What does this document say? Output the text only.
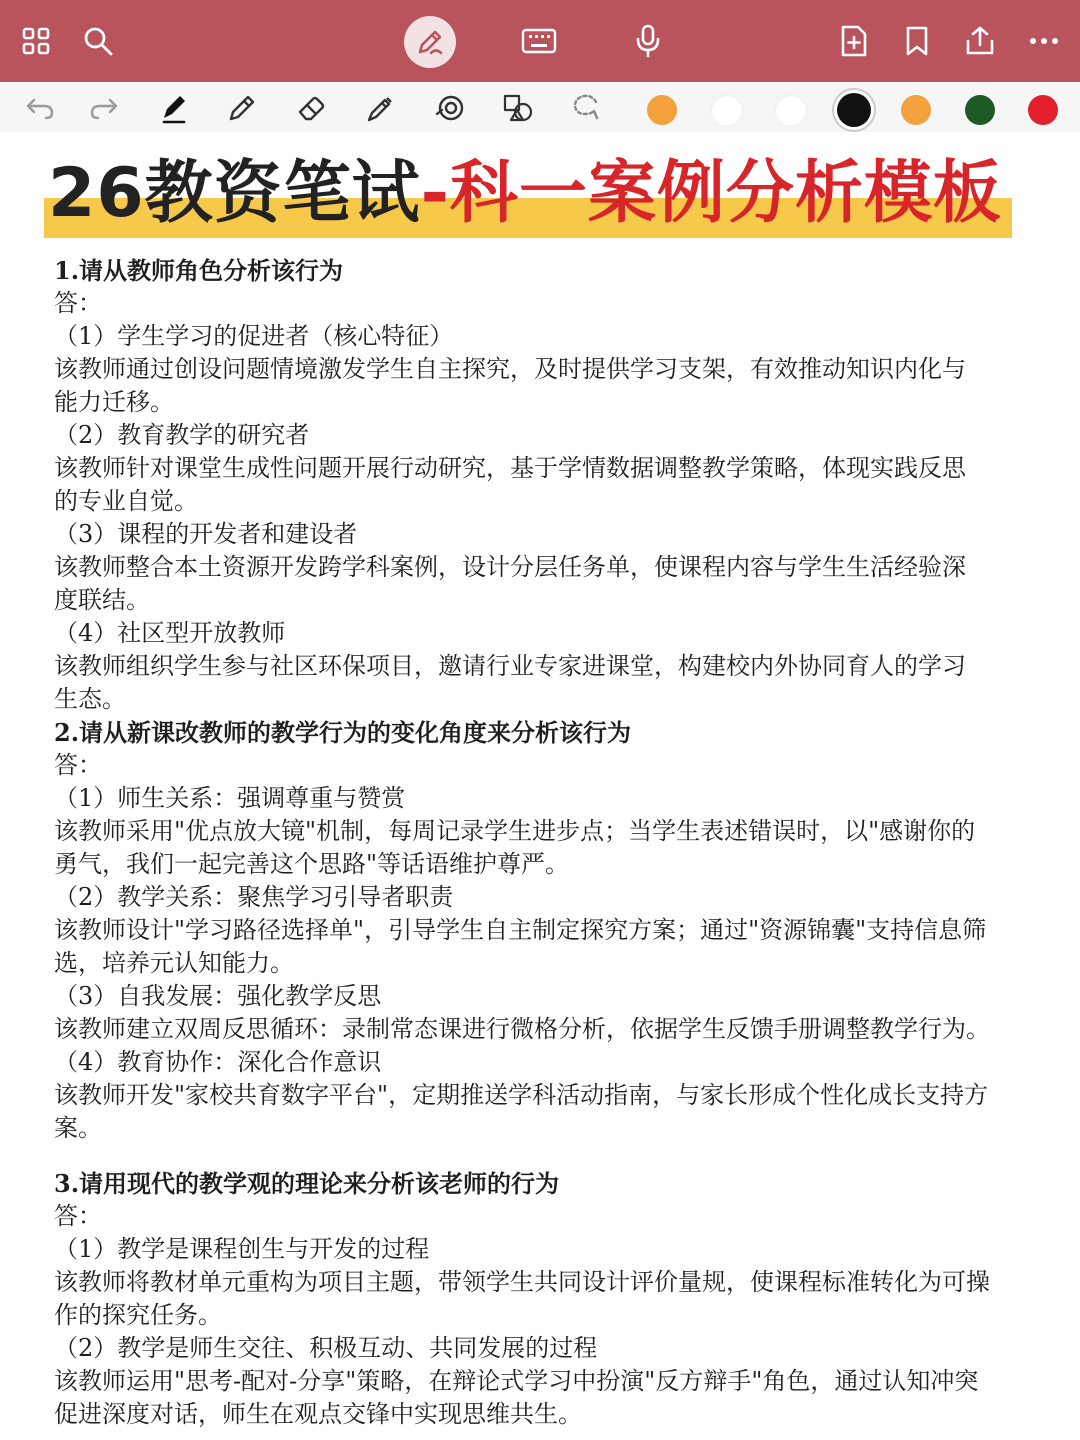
26教资笔试-科一案例分析模板
1.请从教师角色分析该行为
答：
（1）学生学习的促进者（核心特征）
该教师通过创设问题情境激发学生自主探究，及时提供学习支架，有效推动知识内化与
能力迁移。
（2）教育教学的研究者
该教师针对课堂生成性问题开展行动研究，基于学情数据调整教学策略，体现实践反思
的专业自觉。
（3）课程的开发者和建设者
该教师整合本土资源开发跨学科案例，设计分层任务单，使课程内容与学生生活经验深
度联结。
（4）社区型开放教师
该教师组织学生参与社区环保项目，邀请行业专家进课堂，构建校内外协同育人的学习
生态。
2.请从新课改教师的教学行为的变化角度来分析该行为
答：
（1）师生关系：强调尊重与赞赏
该教师采用"优点放大镜"机制，每周记录学生进步点；当学生表述错误时，以"感谢你的
勇气，我们一起完善这个思路"等话语维护尊严。
（2）教学关系：聚焦学习引导者职责
该教师设计"学习路径选择单"，引导学生自主制定探究方案；通过"资源锦囊"支持信息筛
选，培养元认知能力。
（3）自我发展：强化教学反思
该教师建立双周反思循环：录制常态课进行微格分析，依据学生反馈手册调整教学行为。
（4）教育协作：深化合作意识
该教师开发"家校共育数字平台"，定期推送学科活动指南，与家长形成个性化成长支持方
案。
3.请用现代的教学观的理论来分析该老师的行为
答：
（1）教学是课程创生与开发的过程
该教师将教材单元重构为项目主题，带领学生共同设计评价量规，使课程标准转化为可操
作的探究任务。
（2）教学是师生交往、积极互动、共同发展的过程
该教师运用"思考-配对-分享"策略，在辩论式学习中扮演"反方辩手"角色，通过认知冲突
促进深度对话，师生在观点交锋中实现思维共生。
